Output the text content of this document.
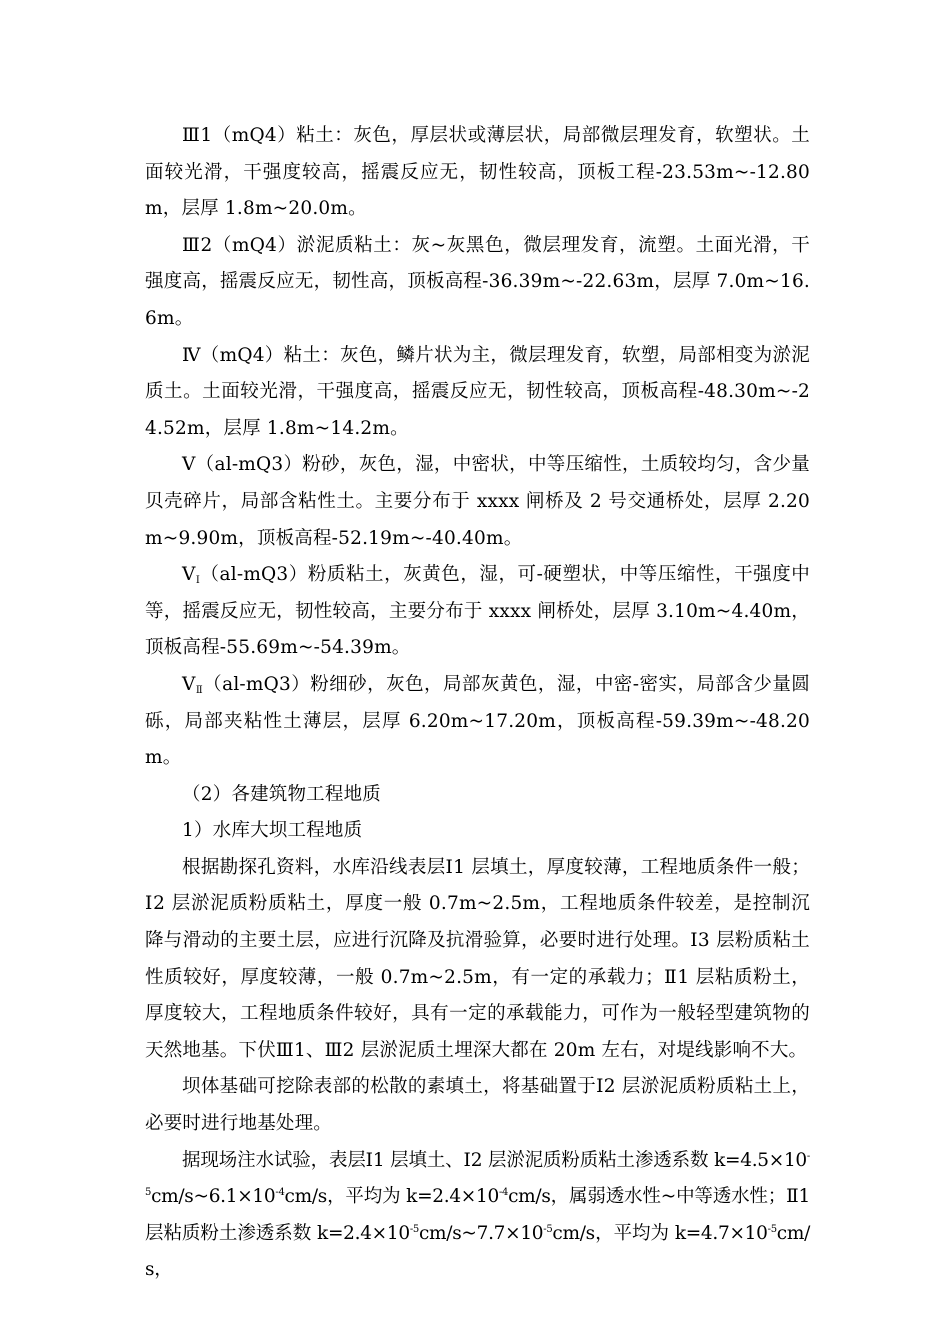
Ⅲ1（mQ4）粘土：灰色，厚层状或薄层状，局部微层理发育，软塑状。土面较光滑，干强度较高，摇震反应无，韧性较高，顶板工程-23.53m~-12.80m，层厚 1.8m~20.0m。

Ⅲ2（mQ4）淤泥质粘土：灰~灰黑色，微层理发育，流塑。土面光滑，干强度高，摇震反应无，韧性高，顶板高程-36.39m~-22.63m，层厚 7.0m~16.6m。

Ⅳ（mQ4）粘土：灰色，鳞片状为主，微层理发育，软塑，局部相变为淤泥质土。土面较光滑，干强度高，摇震反应无，韧性较高，顶板高程-48.30m~-24.52m，层厚 1.8m~14.2m。

Ⅴ（al-mQ3）粉砂，灰色，湿，中密状，中等压缩性，土质较均匀，含少量贝壳碎片，局部含粘性土。主要分布于 xxxx 闸桥及 2 号交通桥处，层厚 2.20m~9.90m，顶板高程-52.19m~-40.40m。

$V_Ⅰ(al-mQ3)$粉质粘土，灰黄色，湿，可-硬塑状，中等压缩性，干强度中等，摇震反应无，韧性较高，主要分布于 xxxx 闸桥处，层厚 3.10m~4.40m，顶板高程-55.69m~-54.39m。

$V_Ⅱ(al-mQ3)$粉细砂，灰色，局部灰黄色，湿，中密-密实，局部含少量圆砾，局部夹粘性土薄层，层厚 6.20m~17.20m，顶板高程-59.39m~-48.20m。

（2）各建筑物工程地质

1）水库大坝工程地质

根据勘探孔资料，水库沿线表层Ⅰ1 层填土，厚度较薄，工程地质条件一般；Ⅰ2 层淤泥质粉质粘土，厚度一般 0.7m~2.5m，工程地质条件较差，是控制沉降与滑动的主要土层，应进行沉降及抗滑验算，必要时进行处理。Ⅰ3 层粉质粘土性质较好，厚度较薄，一般 0.7m~2.5m，有一定的承载力；Ⅱ1 层粘质粉土，厚度较大，工程地质条件较好，具有一定的承载能力，可作为一般轻型建筑物的天然地基。下伏Ⅲ1、Ⅲ2 层淤泥质土埋深大都在 20m 左右，对堤线影响不大。

坝体基础可挖除表部的松散的素填土，将基础置于Ⅰ2 层淤泥质粉质粘土上，必要时进行地基处理。

据现场注水试验，表层Ⅰ1 层填土、Ⅰ2 层淤泥质粉质粘土渗透系数 $k=4.5\times 10^{-5}cm/s\sim 6.1\times 10^{-4}cm/s$，平均为 $k=2.4\times 10^{-4}cm/s$，属弱透水性~中等透水性；Ⅱ1 层粘质粉土渗透系数 $k=2.4\times 10^{-5}cm/s\sim 7.7\times 10^{-5}cm/s$，平均为 $k=4.7\times 10^{-5}cm/s$，
